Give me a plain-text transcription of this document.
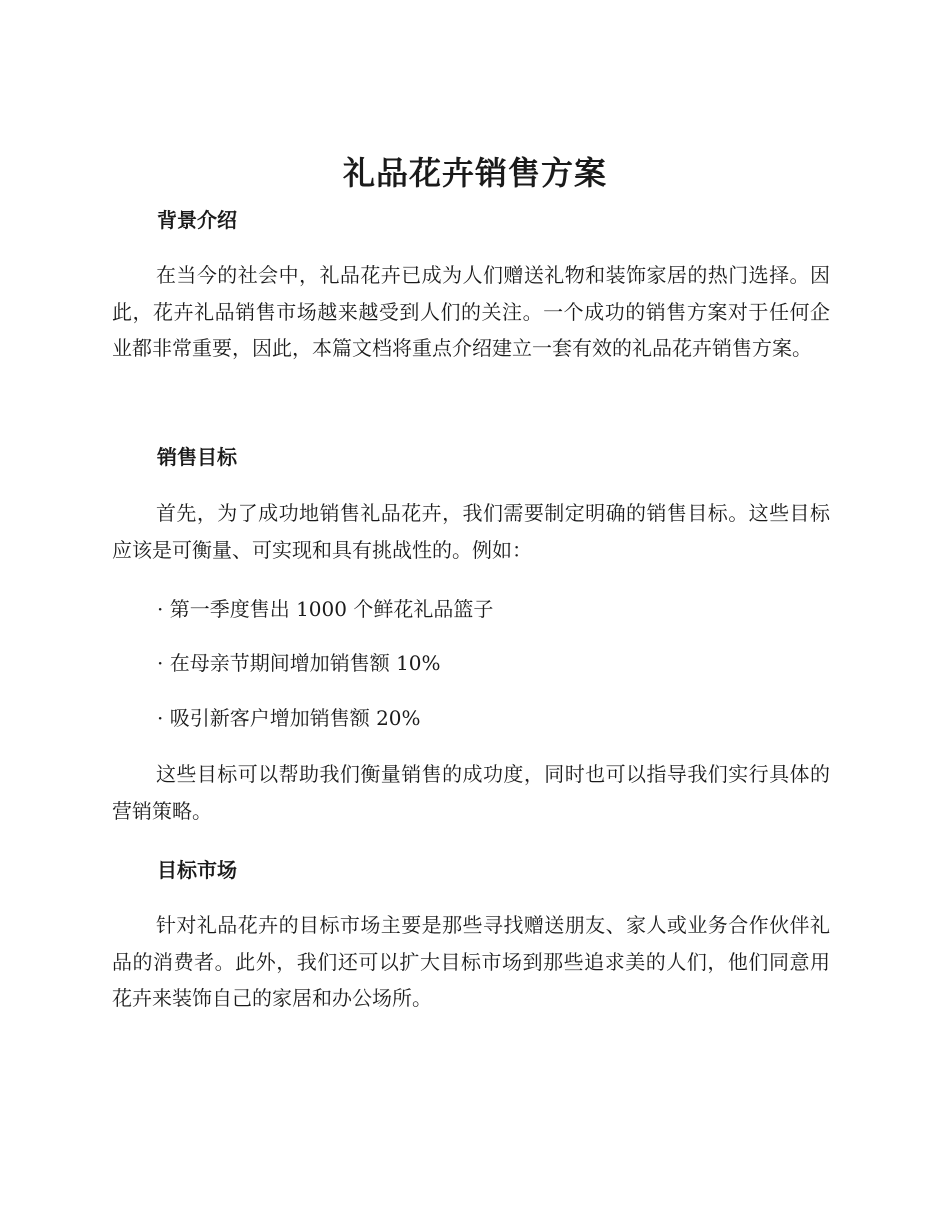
礼品花卉销售方案
背景介绍

在当今的社会中，礼品花卉已成为人们赠送礼物和装饰家居的热门选择。因此，花卉礼品销售市场越来越受到人们的关注。一个成功的销售方案对于任何企业都非常重要，因此，本篇文档将重点介绍建立一套有效的礼品花卉销售方案。

销售目标

首先，为了成功地销售礼品花卉，我们需要制定明确的销售目标。这些目标应该是可衡量、可实现和具有挑战性的。例如：

· 第一季度售出 1000 个鲜花礼品篮子
· 在母亲节期间增加销售额 10%
· 吸引新客户增加销售额 20%

这些目标可以帮助我们衡量销售的成功度，同时也可以指导我们实行具体的营销策略。

目标市场

针对礼品花卉的目标市场主要是那些寻找赠送朋友、家人或业务合作伙伴礼品的消费者。此外，我们还可以扩大目标市场到那些追求美的人们，他们同意用花卉来装饰自己的家居和办公场所。
